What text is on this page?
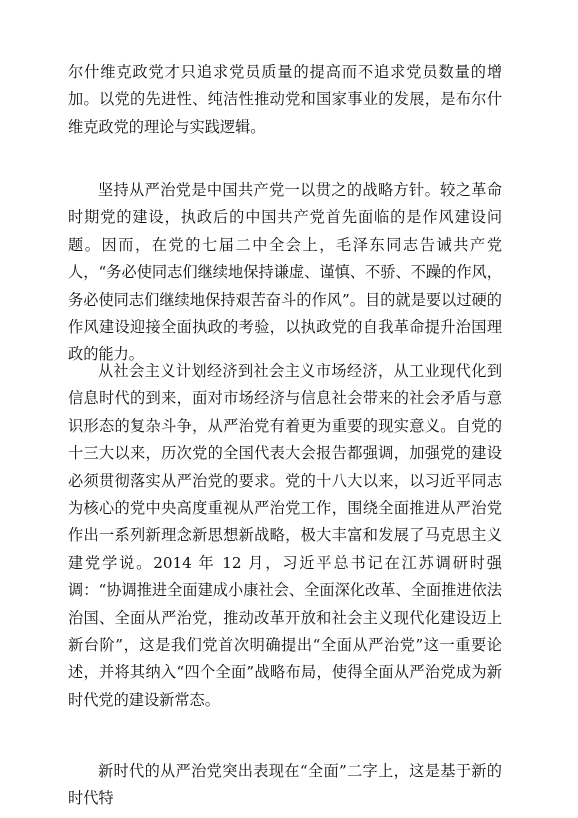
尔什维克政党才只追求党员质量的提高而不追求党员数量的增加。以党的先进性、纯洁性推动党和国家事业的发展，是布尔什维克政党的理论与实践逻辑。

坚持从严治党是中国共产党一以贯之的战略方针。较之革命时期党的建设，执政后的中国共产党首先面临的是作风建设问题。因而，在党的七届二中全会上，毛泽东同志告诫共产党人，“务必使同志们继续地保持谦虚、谨慎、不骄、不躁的作风，务必使同志们继续地保持艰苦奋斗的作风”。目的就是要以过硬的作风建设迎接全面执政的考验，以执政党的自我革命提升治国理政的能力。

从社会主义计划经济到社会主义市场经济，从工业现代化到信息时代的到来，面对市场经济与信息社会带来的社会矛盾与意识形态的复杂斗争，从严治党有着更为重要的现实意义。自党的十三大以来，历次党的全国代表大会报告都强调，加强党的建设必须贯彻落实从严治党的要求。党的十八大以来，以习近平同志为核心的党中央高度重视从严治党工作，围绕全面推进从严治党作出一系列新理念新思想新战略，极大丰富和发展了马克思主义建党学说。2014 年 12 月，习近平总书记在江苏调研时强调：“协调推进全面建成小康社会、全面深化改革、全面推进依法治国、全面从严治党，推动改革开放和社会主义现代化建设迈上新台阶”，这是我们党首次明确提出“全面从严治党”这一重要论述，并将其纳入“四个全面”战略布局，使得全面从严治党成为新时代党的建设新常态。

新时代的从严治党突出表现在“全面”二字上，这是基于新的时代特
